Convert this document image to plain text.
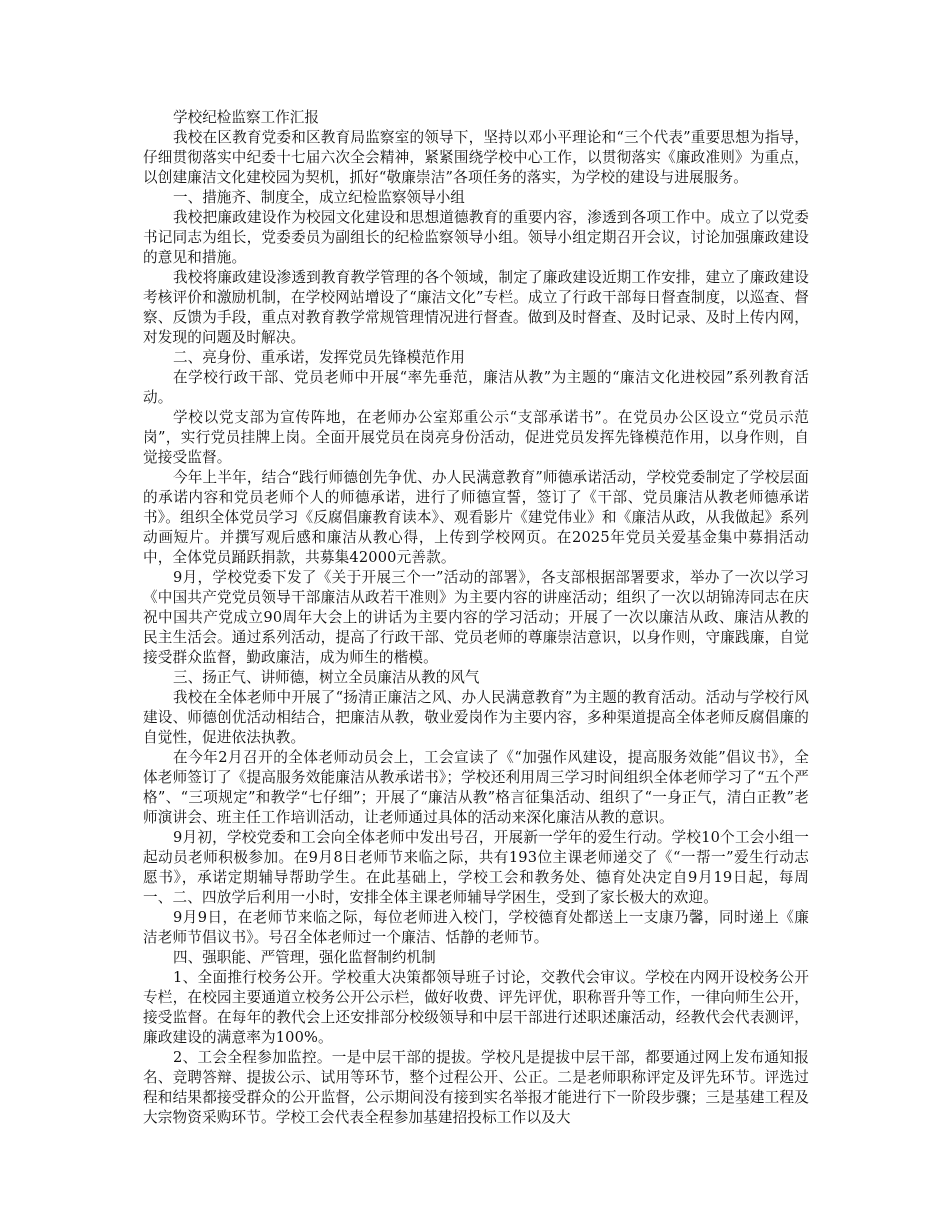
学校纪检监察工作汇报

我校在区教育党委和区教育局监察室的领导下，坚持以邓小平理论和“三个代表”重要思想为指导，仔细贯彻落实中纪委十七届六次全会精神，紧紧围绕学校中心工作，以贯彻落实《廉政准则》为重点，以创建廉洁文化建校园为契机，抓好“敬廉崇洁”各项任务的落实，为学校的建设与进展服务。

一、措施齐、制度全，成立纪检监察领导小组

我校把廉政建设作为校园文化建设和思想道德教育的重要内容，渗透到各项工作中。成立了以党委书记同志为组长，党委委员为副组长的纪检监察领导小组。领导小组定期召开会议，讨论加强廉政建设的意见和措施。

我校将廉政建设渗透到教育教学管理的各个领域，制定了廉政建设近期工作安排，建立了廉政建设考核评价和激励机制，在学校网站增设了“廉洁文化”专栏。成立了行政干部每日督查制度，以巡查、督察、反馈为手段，重点对教育教学常规管理情况进行督查。做到及时督查、及时记录、及时上传内网，对发现的问题及时解决。

二、亮身份、重承诺，发挥党员先锋模范作用

在学校行政干部、党员老师中开展“率先垂范，廉洁从教”为主题的“廉洁文化进校园”系列教育活动。

学校以党支部为宣传阵地，在老师办公室郑重公示“支部承诺书”。在党员办公区设立“党员示范岗”，实行党员挂牌上岗。全面开展党员在岗亮身份活动，促进党员发挥先锋模范作用，以身作则，自觉接受监督。

今年上半年，结合“践行师德创先争优、办人民满意教育”师德承诺活动，学校党委制定了学校层面的承诺内容和党员老师个人的师德承诺，进行了师德宣誓，签订了《干部、党员廉洁从教老师德承诺书》。组织全体党员学习《反腐倡廉教育读本》、观看影片《建党伟业》和《廉洁从政，从我做起》系列动画短片。并撰写观后感和廉洁从教心得，上传到学校网页。在2025年党员关爱基金集中募捐活动中，全体党员踊跃捐款，共募集42000元善款。

9月，学校党委下发了《关于开展三个一”活动的部署》，各支部根据部署要求，举办了一次以学习《中国共产党党员领导干部廉洁从政若干准则》为主要内容的讲座活动；组织了一次以胡锦涛同志在庆祝中国共产党成立90周年大会上的讲话为主要内容的学习活动；开展了一次以廉洁从政、廉洁从教的民主生活会。通过系列活动，提高了行政干部、党员老师的尊廉崇洁意识，以身作则，守廉践廉，自觉接受群众监督，勤政廉洁，成为师生的楷模。

三、扬正气、讲师德，树立全员廉洁从教的风气

我校在全体老师中开展了“扬清正廉洁之风、办人民满意教育”为主题的教育活动。活动与学校行风建设、师德创优活动相结合，把廉洁从教，敬业爱岗作为主要内容，多种渠道提高全体老师反腐倡廉的自觉性，促进依法执教。

在今年2月召开的全体老师动员会上，工会宣读了《“加强作风建设，提高服务效能”倡议书》，全体老师签订了《提高服务效能廉洁从教承诺书》；学校还利用周三学习时间组织全体老师学习了“五个严格”、“三项规定”和教学“七仔细”；开展了“廉洁从教”格言征集活动、组织了“一身正气，清白正教”老师演讲会、班主任工作培训活动，让老师通过具体的活动来深化廉洁从教的意识。

9月初，学校党委和工会向全体老师中发出号召，开展新一学年的爱生行动。学校10个工会小组一起动员老师积极参加。在9月8日老师节来临之际，共有193位主课老师递交了《“一帮一”爱生行动志愿书》，承诺定期辅导帮助学生。在此基础上，学校工会和教务处、德育处决定自9月19日起，每周一、二、四放学后利用一小时，安排全体主课老师辅导学困生，受到了家长极大的欢迎。

9月9日，在老师节来临之际，每位老师进入校门，学校德育处都送上一支康乃馨，同时递上《廉洁老师节倡议书》。号召全体老师过一个廉洁、恬静的老师节。

四、强职能、严管理，强化监督制约机制

1、全面推行校务公开。学校重大决策都领导班子讨论，交教代会审议。学校在内网开设校务公开专栏，在校园主要通道立校务公开公示栏，做好收费、评先评优，职称晋升等工作，一律向师生公开，接受监督。在每年的教代会上还安排部分校级领导和中层干部进行述职述廉活动，经教代会代表测评，廉政建设的满意率为100%。

2、工会全程参加监控。一是中层干部的提拔。学校凡是提拔中层干部，都要通过网上发布通知报名、竞聘答辩、提拔公示、试用等环节，整个过程公开、公正。二是老师职称评定及评先环节。评选过程和结果都接受群众的公开监督，公示期间没有接到实名举报才能进行下一阶段步骤；三是基建工程及大宗物资采购环节。学校工会代表全程参加基建招投标工作以及大
